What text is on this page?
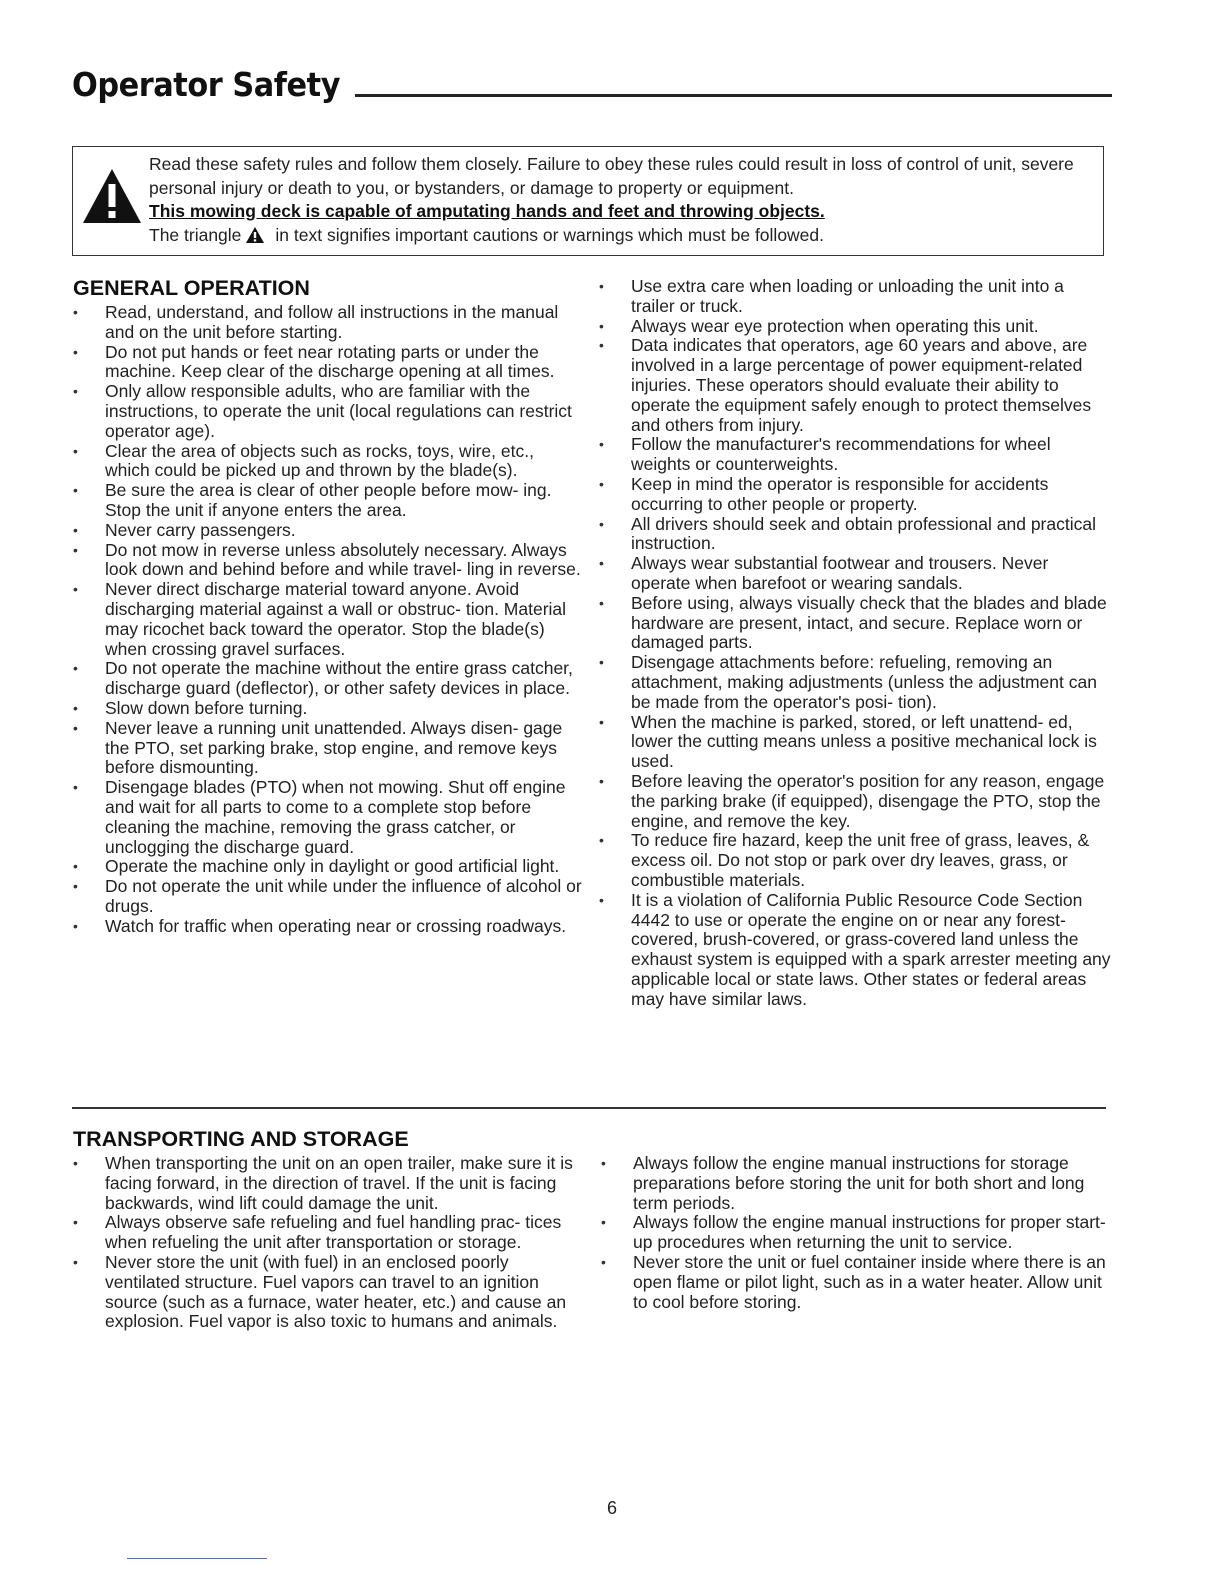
Operator Safety
Read these safety rules and follow them closely. Failure to obey these rules could result in loss of control of unit, severe personal injury or death to you, or bystanders, or damage to property or equipment.
This mowing deck is capable of amputating hands and feet and throwing objects.
The triangle in text signifies important cautions or warnings which must be followed.
GENERAL OPERATION
• Read, understand, and follow all instructions in the manual and on the unit before starting.
• Do not put hands or feet near rotating parts or under the machine. Keep clear of the discharge opening at all times.
• Only allow responsible adults, who are familiar with the instructions, to operate the unit (local regulations can restrict operator age).
• Clear the area of objects such as rocks, toys, wire, etc., which could be picked up and thrown by the blade(s).
• Be sure the area is clear of other people before mow- ing. Stop the unit if anyone enters the area.
• Never carry passengers.
• Do not mow in reverse unless absolutely necessary. Always look down and behind before and while travel- ling in reverse.
• Never direct discharge material toward anyone. Avoid discharging material against a wall or obstruc- tion. Material may ricochet back toward the operator. Stop the blade(s) when crossing gravel surfaces.
• Do not operate the machine without the entire grass catcher, discharge guard (deflector), or other safety devices in place.
• Slow down before turning.
• Never leave a running unit unattended. Always disen- gage the PTO, set parking brake, stop engine, and remove keys before dismounting.
• Disengage blades (PTO) when not mowing. Shut off engine and wait for all parts to come to a complete stop before cleaning the machine, removing the grass catcher, or unclogging the discharge guard.
• Operate the machine only in daylight or good artificial light.
• Do not operate the unit while under the influence of alcohol or drugs.
• Watch for traffic when operating near or crossing roadways.
• Use extra care when loading or unloading the unit into a trailer or truck.
• Always wear eye protection when operating this unit.
• Data indicates that operators, age 60 years and above, are involved in a large percentage of power equipment-related injuries. These operators should evaluate their ability to operate the equipment safely enough to protect themselves and others from injury.
• Follow the manufacturer's recommendations for wheel weights or counterweights.
• Keep in mind the operator is responsible for accidents occurring to other people or property.
• All drivers should seek and obtain professional and practical instruction.
• Always wear substantial footwear and trousers. Never operate when barefoot or wearing sandals.
• Before using, always visually check that the blades and blade hardware are present, intact, and secure. Replace worn or damaged parts.
• Disengage attachments before: refueling, removing an attachment, making adjustments (unless the adjustment can be made from the operator's posi- tion).
• When the machine is parked, stored, or left unattend- ed, lower the cutting means unless a positive mechanical lock is used.
• Before leaving the operator's position for any reason, engage the parking brake (if equipped), disengage the PTO, stop the engine, and remove the key.
• To reduce fire hazard, keep the unit free of grass, leaves, & excess oil. Do not stop or park over dry leaves, grass, or combustible materials.
• It is a violation of California Public Resource Code Section 4442 to use or operate the engine on or near any forest-covered, brush-covered, or grass-covered land unless the exhaust system is equipped with a spark arrester meeting any applicable local or state laws. Other states or federal areas may have similar laws.
TRANSPORTING AND STORAGE
• When transporting the unit on an open trailer, make sure it is facing forward, in the direction of travel. If the unit is facing backwards, wind lift could damage the unit.
• Always observe safe refueling and fuel handling prac- tices when refueling the unit after transportation or storage.
• Never store the unit (with fuel) in an enclosed poorly ventilated structure. Fuel vapors can travel to an ignition source (such as a furnace, water heater, etc.) and cause an explosion. Fuel vapor is also toxic to humans and animals.
• Always follow the engine manual instructions for storage preparations before storing the unit for both short and long term periods.
• Always follow the engine manual instructions for proper start-up procedures when returning the unit to service.
• Never store the unit or fuel container inside where there is an open flame or pilot light, such as in a water heater. Allow unit to cool before storing.
6
